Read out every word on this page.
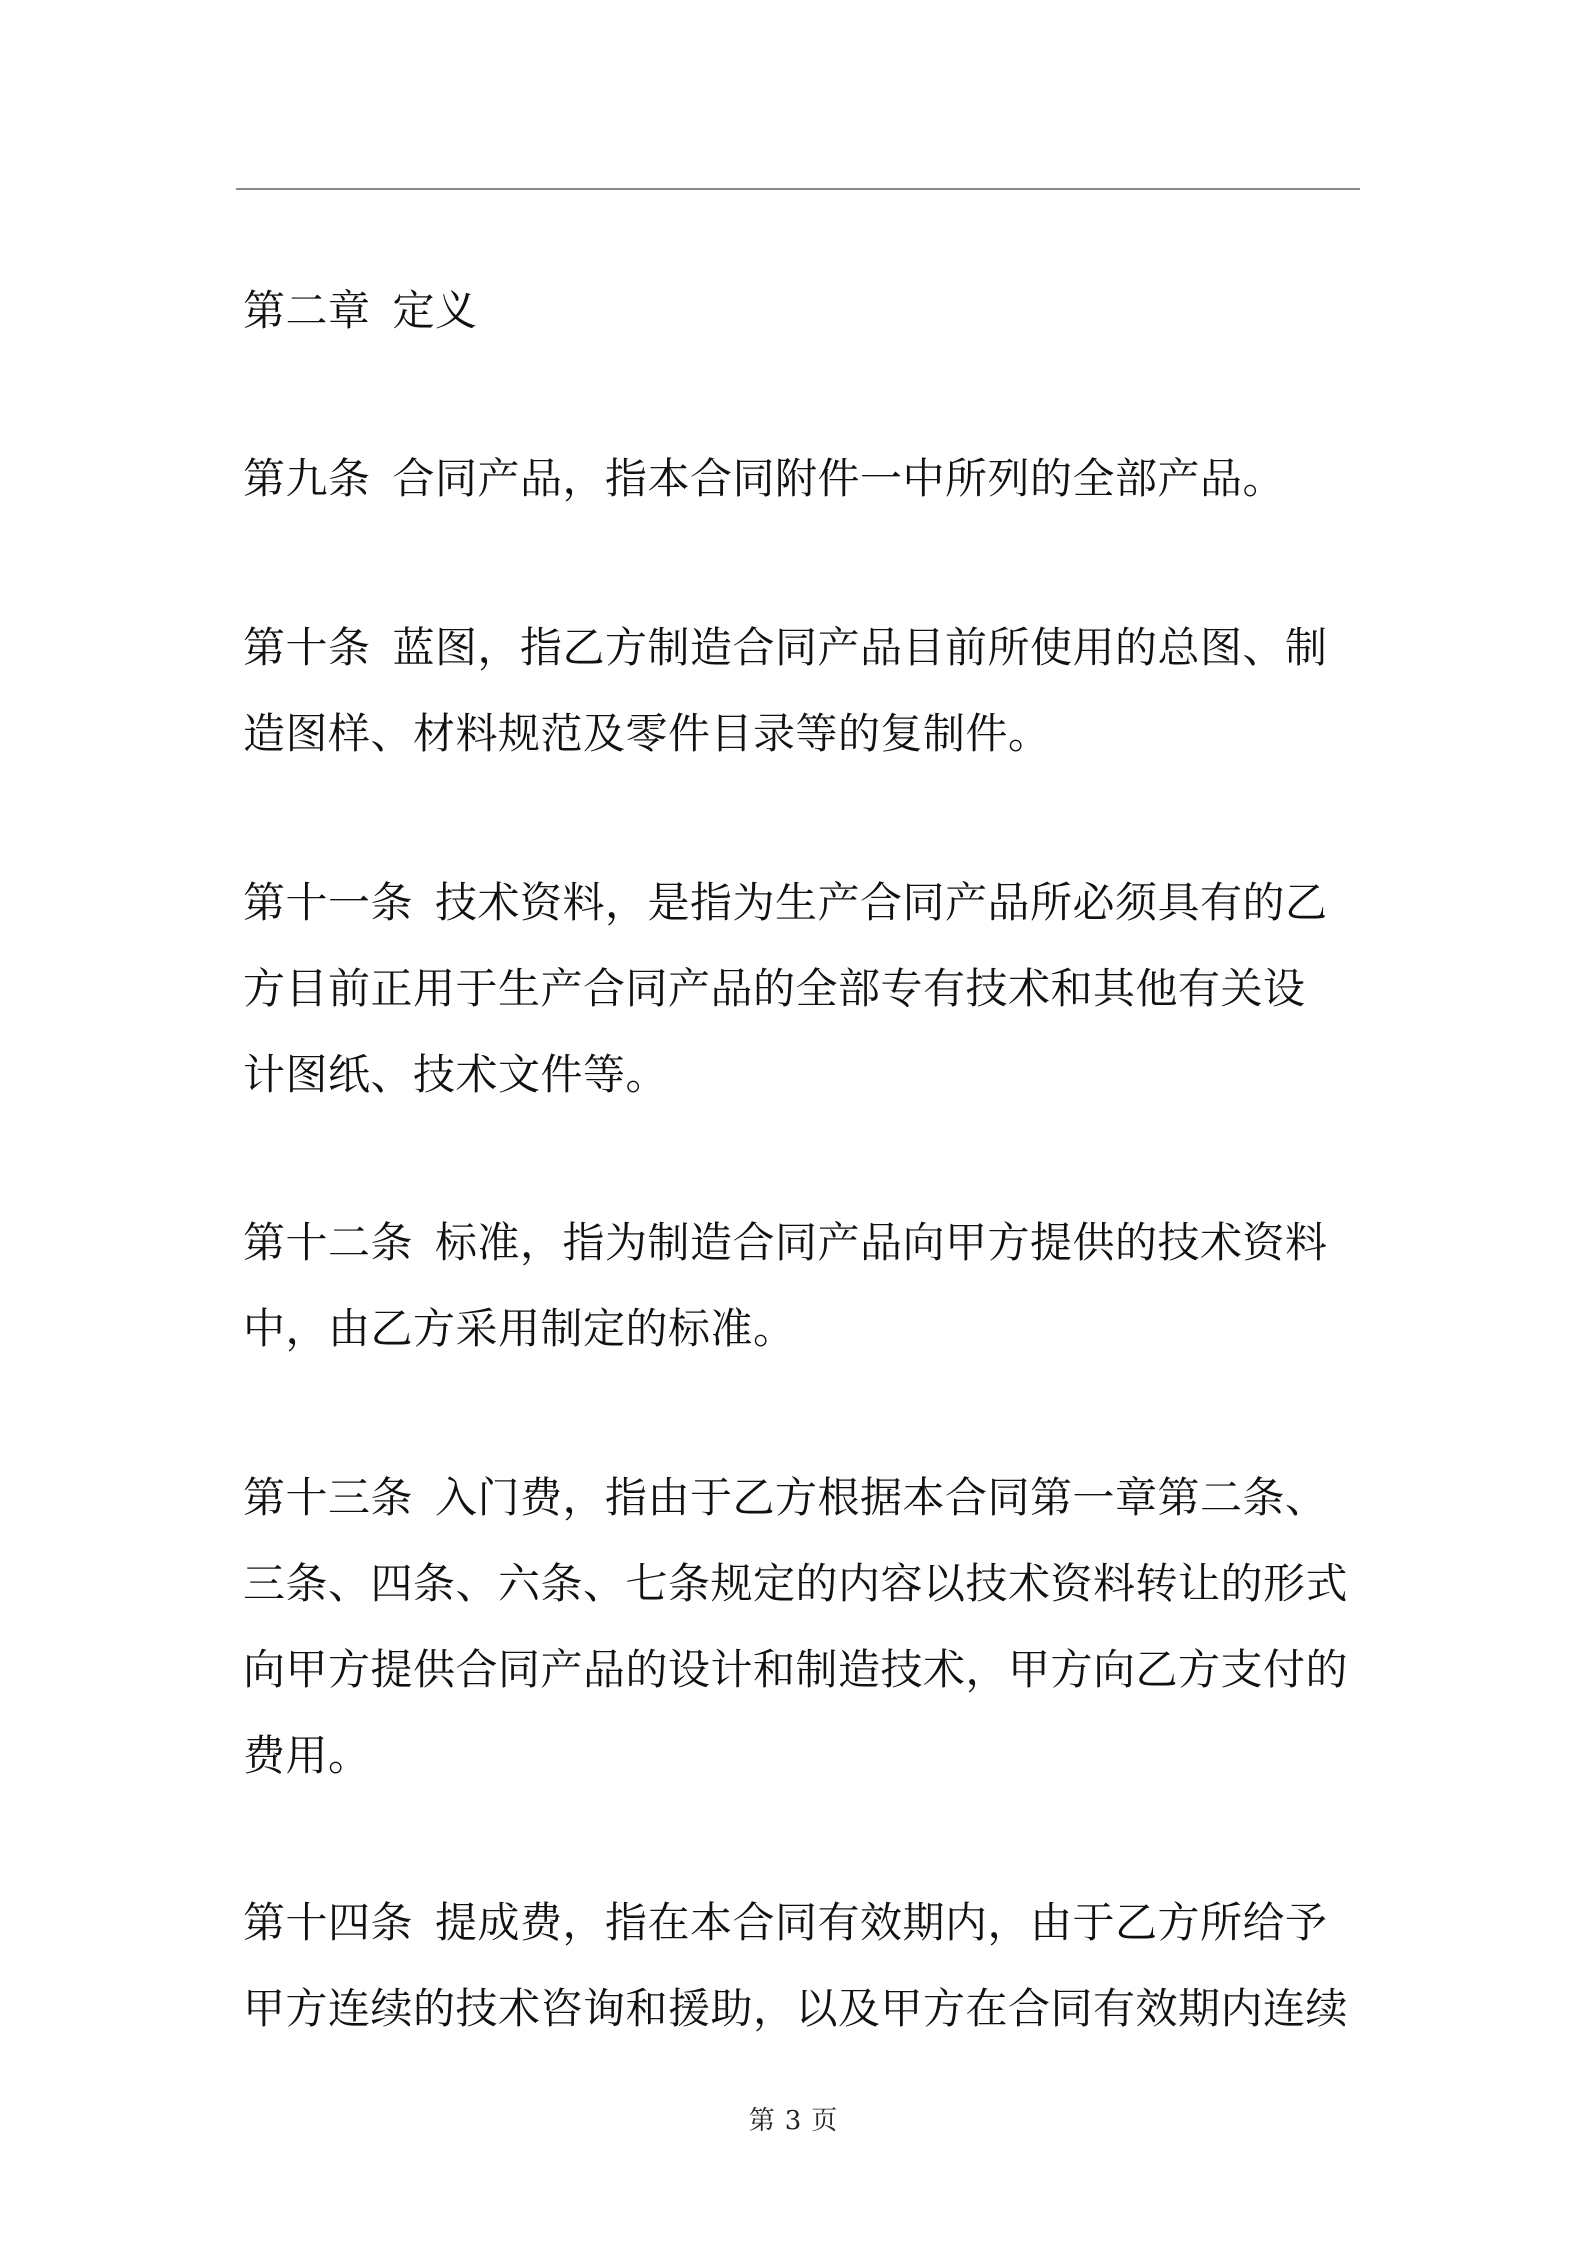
第二章 定义

第九条 合同产品，指本合同附件一中所列的全部产品。

第十条 蓝图，指乙方制造合同产品目前所使用的总图、制
造图样、材料规范及零件目录等的复制件。

第十一条 技术资料，是指为生产合同产品所必须具有的乙
方目前正用于生产合同产品的全部专有技术和其他有关设
计图纸、技术文件等。

第十二条 标准，指为制造合同产品向甲方提供的技术资料
中，由乙方采用制定的标准。

第十三条 入门费，指由于乙方根据本合同第一章第二条、
三条、四条、六条、七条规定的内容以技术资料转让的形式
向甲方提供合同产品的设计和制造技术，甲方向乙方支付的
费用。

第十四条 提成费，指在本合同有效期内，由于乙方所给予
甲方连续的技术咨询和援助，以及甲方在合同有效期内连续

第 3 页
